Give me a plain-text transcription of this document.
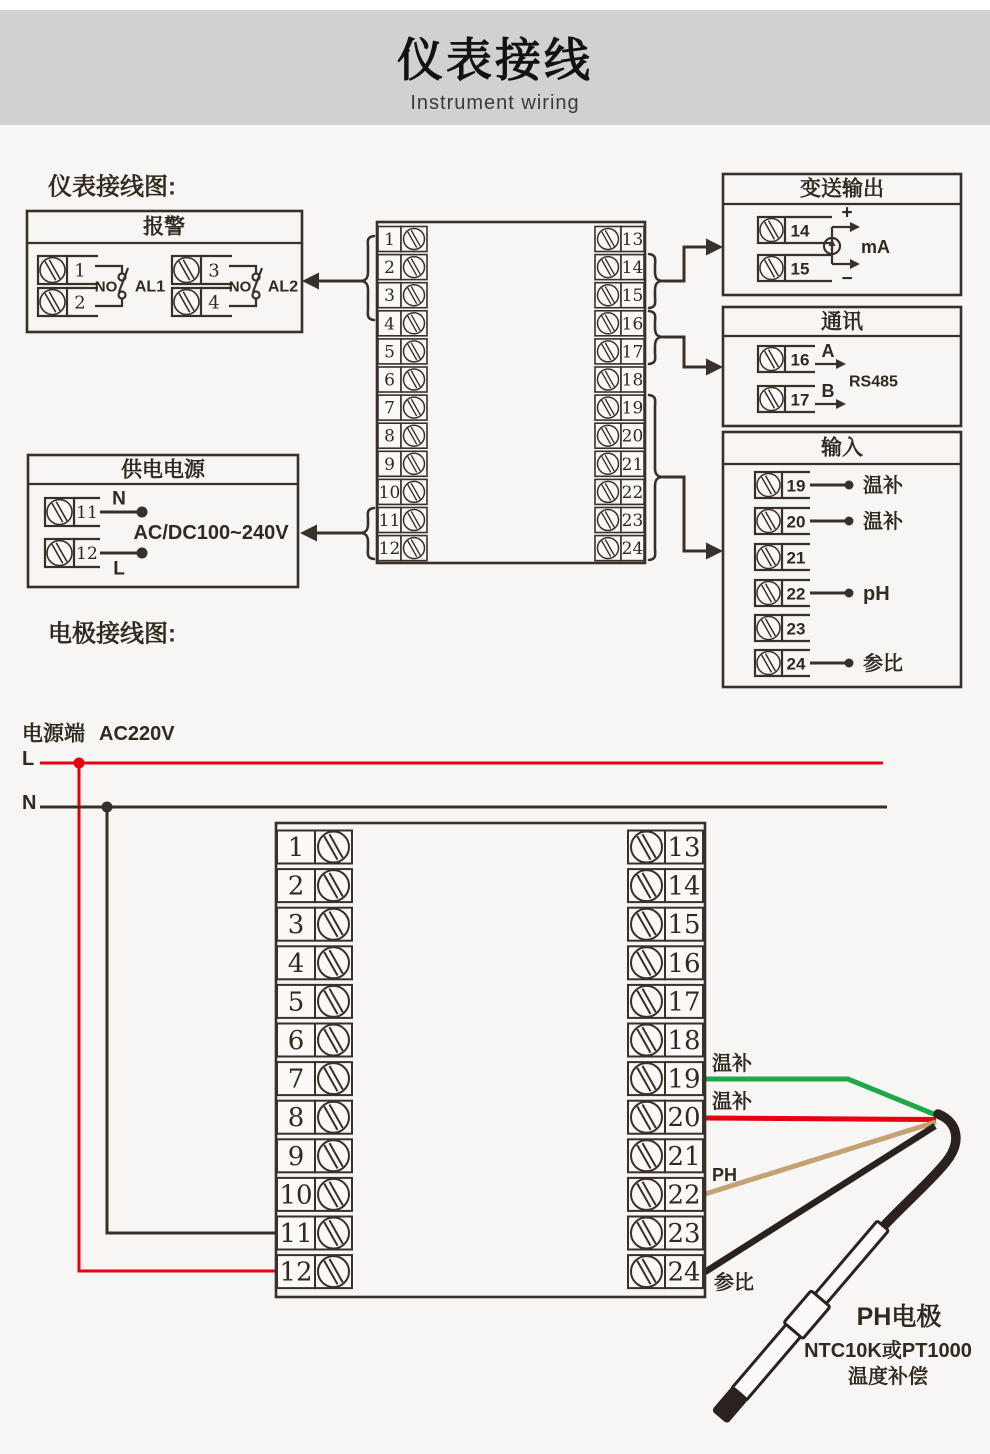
仪表接线
Instrument wiring
仪表接线图:
电极接线图:
报警
1
2
3
4
NO AL1	NO AL2
供电电源
11
12
N
L
AC/DC100~240V
1	13
2	14
3	15
4	16
5	17
6	18
7	19
8	20
9	21
10	22
11	23
12	24
变送输出
14
15
+
−
mA
通讯
16
17
A
B RS485
输入
19
20
21
22
23
24
温补
温补
pH
参比
电源端 AC220V
L
N
温补
温补
PH
参比
1	13
2	14
3	15
4	16
5	17
6	18
7	19
8	20
9	21
10	22
11	23
12	24
PH电极
NTC10K或PT1000
温度补偿
